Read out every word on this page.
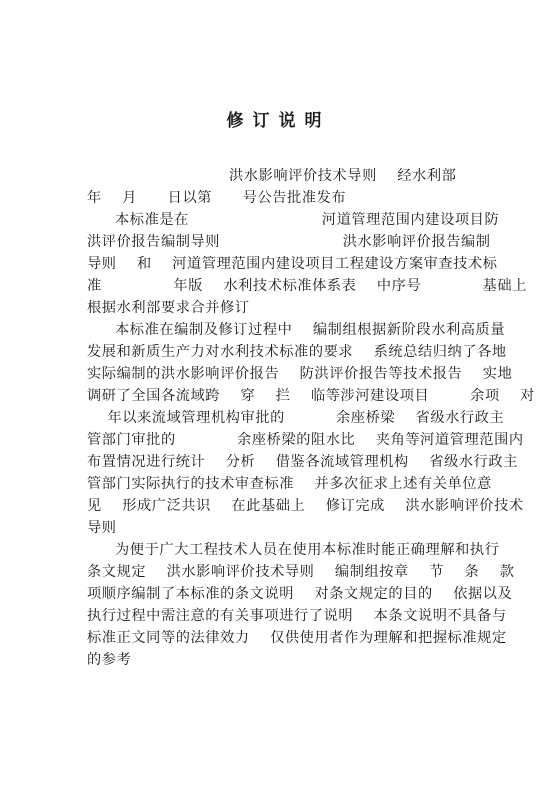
修订说明
洪水影响评价技术导则    经水利部
年    月      日以第      号公告批准发布
本标准是在                          河道管理范围内建设项目防
洪评价报告编制导则                        洪水影响评价报告编制
导则    和    河道管理范围内建设项目工程建设方案审查技术标
准              年版    水利技术标准体系表    中序号            基础上
根据水利部要求合并修订
本标准在编制及修订过程中    编制组根据新阶段水利高质量
发展和新质生产力对水利技术标准的要求    系统总结归纳了各地
实际编制的洪水影响评价报告    防洪评价报告等技术报告    实地
调研了全国各流域跨    穿    拦    临等涉河建设项目        余项    对
年以来流域管理机构审批的          余座桥梁    省级水行政主
管部门审批的            余座桥梁的阻水比    夹角等河道管理范围内
布置情况进行统计    分析    借鉴各流域管理机构    省级水行政主
管部门实际执行的技术审查标准    并多次征求上述有关单位意
见    形成广泛共识    在此基础上    修订完成    洪水影响评价技术
导则
为便于广大工程技术人员在使用本标准时能正确理解和执行
条文规定    洪水影响评价技术导则    编制组按章    节    条    款
项顺序编制了本标准的条文说明    对条文规定的目的    依据以及
执行过程中需注意的有关事项进行了说明    本条文说明不具备与
标准正文同等的法律效力    仅供使用者作为理解和把握标准规定
的参考
